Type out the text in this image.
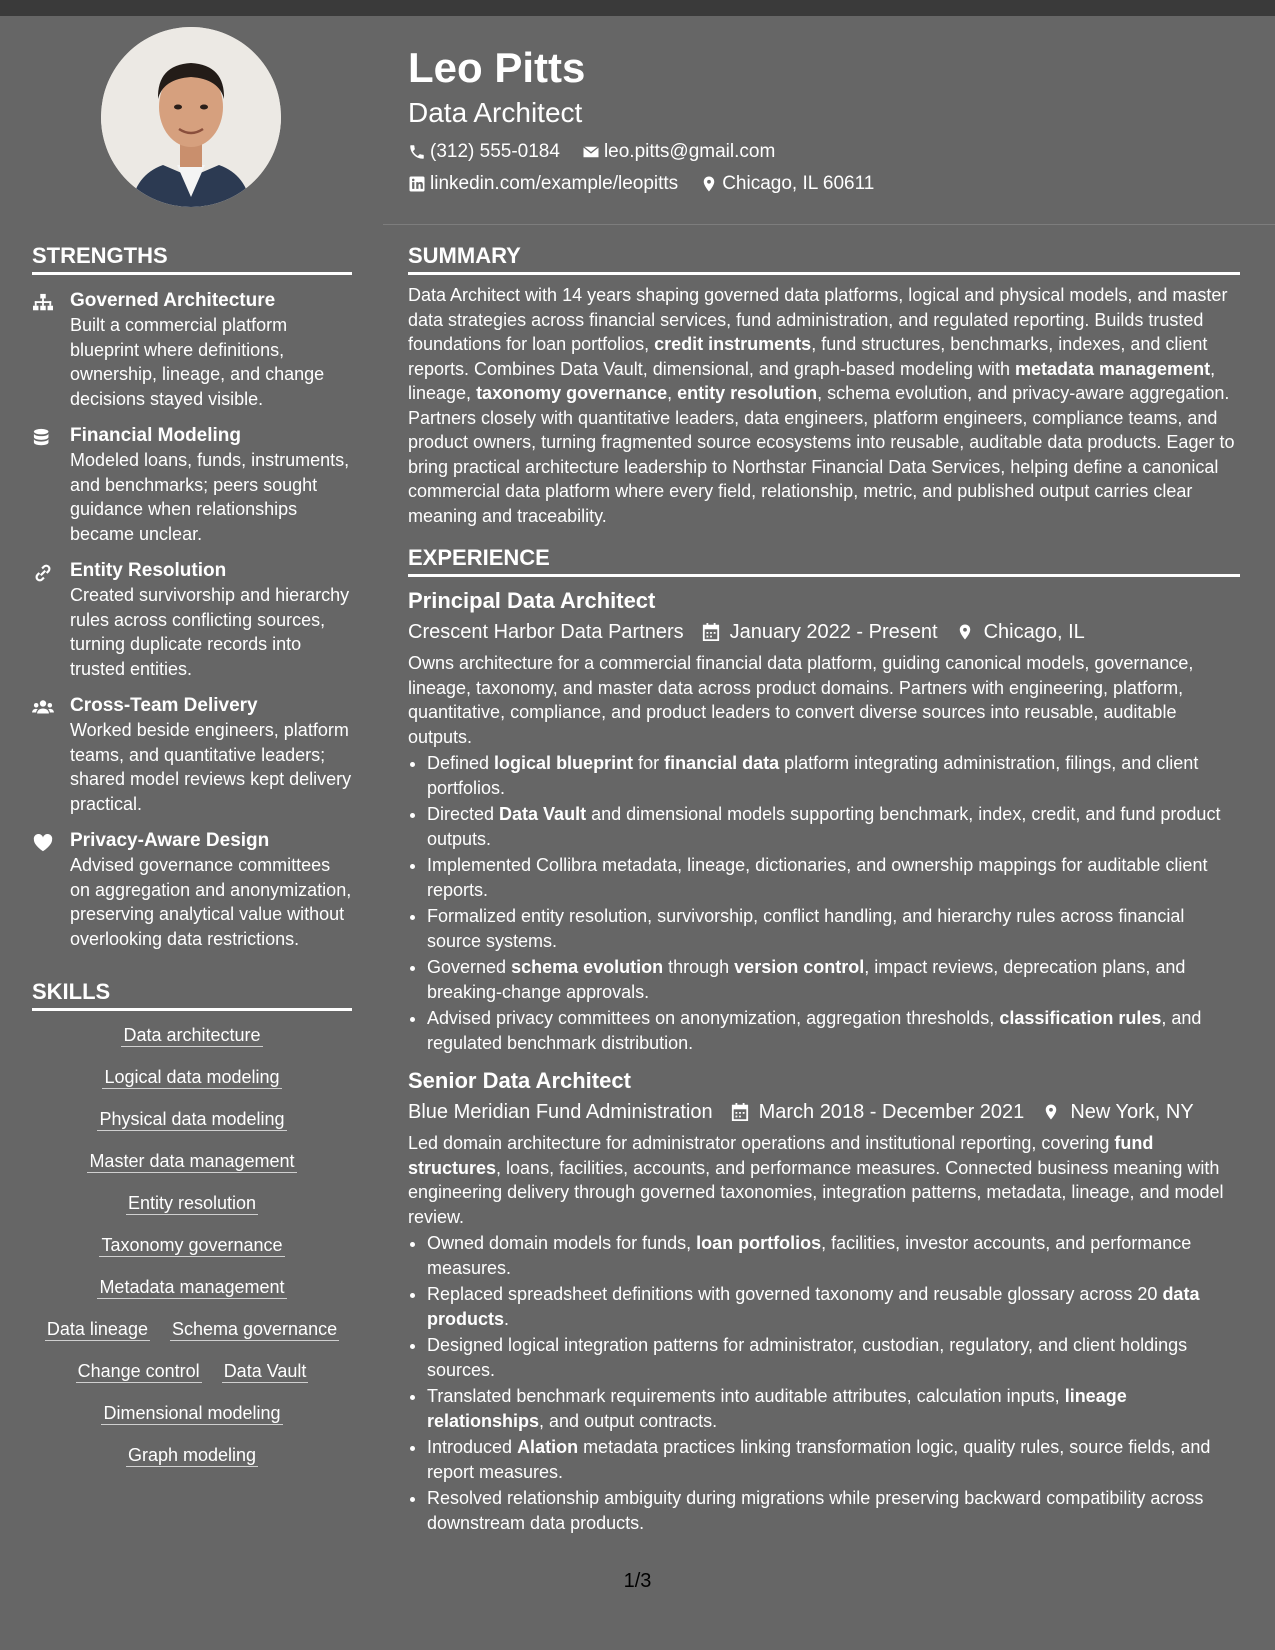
Leo Pitts
Data Architect
(312) 555-0184 leo.pitts@gmail.com
linkedin.com/example/leopitts Chicago, IL 60611
STRENGTHS
Governed Architecture
Built a commercial platform blueprint where definitions, ownership, lineage, and change decisions stayed visible.
Financial Modeling
Modeled loans, funds, instruments, and benchmarks; peers sought guidance when relationships became unclear.
Entity Resolution
Created survivorship and hierarchy rules across conflicting sources, turning duplicate records into trusted entities.
Cross-Team Delivery
Worked beside engineers, platform teams, and quantitative leaders; shared model reviews kept delivery practical.
Privacy-Aware Design
Advised governance committees on aggregation and anonymization, preserving analytical value without overlooking data restrictions.
SKILLS
Data architecture
Logical data modeling
Physical data modeling
Master data management
Entity resolution
Taxonomy governance
Metadata management
Data lineage Schema governance
Change control Data Vault
Dimensional modeling
Graph modeling
SUMMARY

Data Architect with 14 years shaping governed data platforms, logical and physical models, and master data strategies across financial services, fund administration, and regulated reporting. Builds trusted foundations for loan portfolios, credit instruments, fund structures, benchmarks, indexes, and client reports. Combines Data Vault, dimensional, and graph-based modeling with metadata management, lineage, taxonomy governance, entity resolution, schema evolution, and privacy-aware aggregation. Partners closely with quantitative leaders, data engineers, platform engineers, compliance teams, and product owners, turning fragmented source ecosystems into reusable, auditable data products. Eager to bring practical architecture leadership to Northstar Financial Data Services, helping define a canonical commercial data platform where every field, relationship, metric, and published output carries clear meaning and traceability.

EXPERIENCE
Principal Data Architect
Crescent Harbor Data Partners January 2022 - Present Chicago, IL
Owns architecture for a commercial financial data platform, guiding canonical models, governance, lineage, taxonomy, and master data across product domains. Partners with engineering, platform, quantitative, compliance, and product leaders to convert diverse sources into reusable, auditable outputs.
• Defined logical blueprint for financial data platform integrating administration, filings, and client portfolios.
• Directed Data Vault and dimensional models supporting benchmark, index, credit, and fund product outputs.
• Implemented Collibra metadata, lineage, dictionaries, and ownership mappings for auditable client reports.
• Formalized entity resolution, survivorship, conflict handling, and hierarchy rules across financial source systems.
• Governed schema evolution through version control, impact reviews, deprecation plans, and breaking-change approvals.
• Advised privacy committees on anonymization, aggregation thresholds, classification rules, and regulated benchmark distribution.
Senior Data Architect
Blue Meridian Fund Administration March 2018 - December 2021 New York, NY
Led domain architecture for administrator operations and institutional reporting, covering fund structures, loans, facilities, accounts, and performance measures. Connected business meaning with engineering delivery through governed taxonomies, integration patterns, metadata, lineage, and model review.
• Owned domain models for funds, loan portfolios, facilities, investor accounts, and performance measures.
• Replaced spreadsheet definitions with governed taxonomy and reusable glossary across 20 data products.
• Designed logical integration patterns for administrator, custodian, regulatory, and client holdings sources.
• Translated benchmark requirements into auditable attributes, calculation inputs, lineage relationships, and output contracts.
• Introduced Alation metadata practices linking transformation logic, quality rules, source fields, and report measures.
• Resolved relationship ambiguity during migrations while preserving backward compatibility across downstream data products.
1/3
